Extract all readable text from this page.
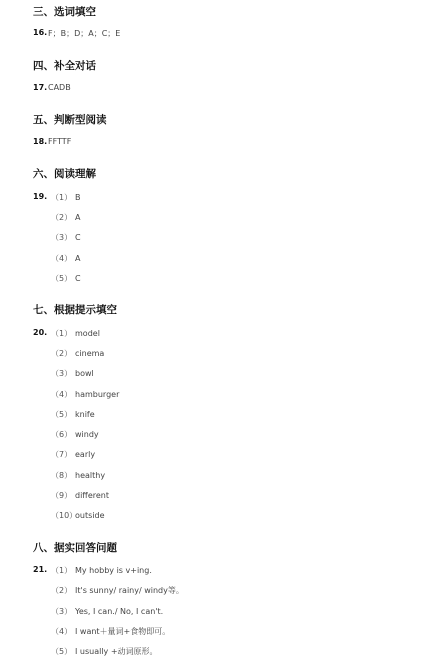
三、选词填空
16. F；B；D；A；C；E
四、补全对话
17. CADB
五、判断型阅读
18. FFTTF
六、阅读理解
19. （1） B
（2） A
（3） C
（4） A
（5） C
七、根据提示填空
20. （1） model
（2） cinema
（3） bowl
（4） hamburger
（5） knife
（6） windy
（7） early
（8） healthy
（9） different
（10）outside
八、据实回答问题
21. （1） My hobby is v+ing.
（2） It's sunny/ rainy/ windy等。
（3） Yes, I can./ No, I can't.
（4） I want＋量词+食物即可。
（5） I usually +动词原形。
